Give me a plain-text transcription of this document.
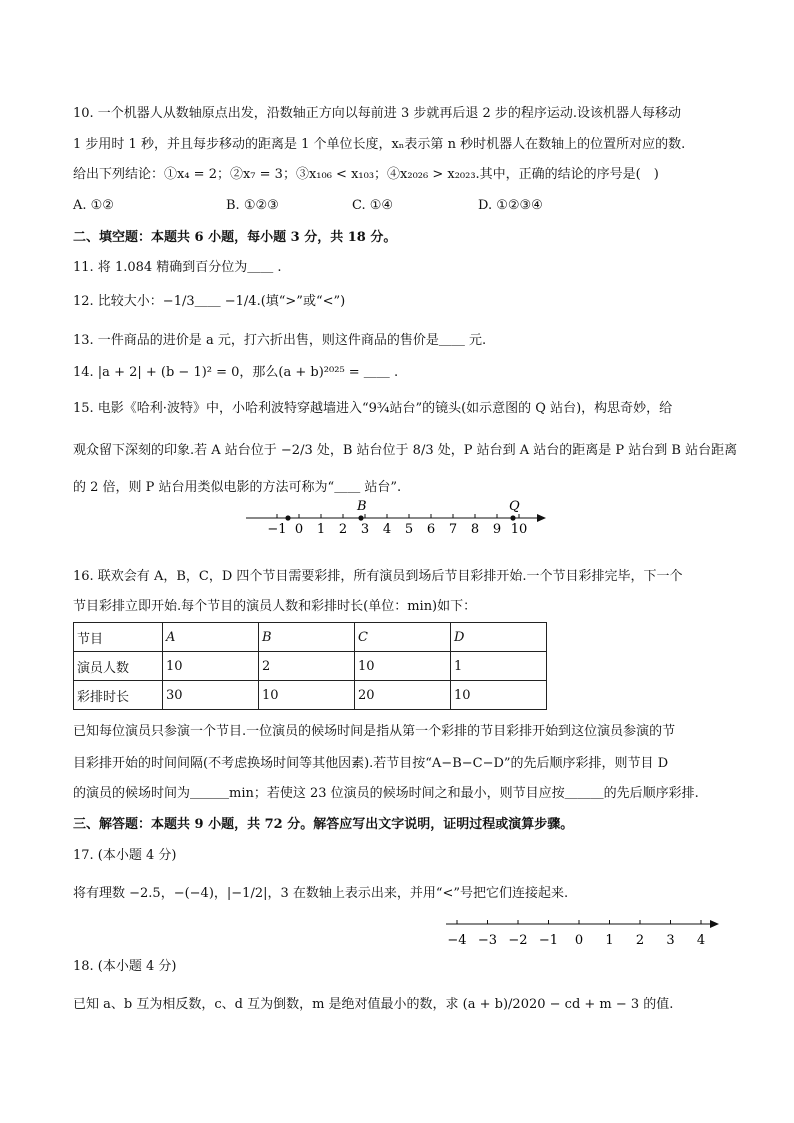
10. 一个机器人从数轴原点出发，沿数轴正方向以每前进 3 步就再后退 2 步的程序运动.设该机器人每移动
1 步用时 1 秒，并且每步移动的距离是 1 个单位长度，xₙ表示第 n 秒时机器人在数轴上的位置所对应的数.
给出下列结论：①x₄ = 2；②x₇ = 3；③x₁₀₆ < x₁₀₃；④x₂₀₂₆ > x₂₀₂₃.其中，正确的结论的序号是(　)
A. ①②	B. ①②③	C. ①④	D. ①②③④
二、填空题：本题共 6 小题，每小题 3 分，共 18 分。
11. 将 1.084 精确到百分位为＿＿ .
12. 比较大小：−1/3＿＿ −1/4.(填“>”或“<”)
13. 一件商品的进价是 a 元，打六折出售，则这件商品的售价是＿＿ 元.
14. |a + 2| + (b − 1)² = 0，那么(a + b)²⁰²⁵ = ＿＿ .
15. 电影《哈利·波特》中，小哈利波特穿越墙进入“9¾站台”的镜头(如示意图的 Q 站台)，构思奇妙，给
观众留下深刻的印象.若 A 站台位于 −2/3 处，B 站台位于 8/3 处，P 站台到 A 站台的距离是 P 站台到 B 站台距离
的 2 倍，则 P 站台用类似电影的方法可称为“＿＿ 站台”.
−1 0 1 2 3 4 5 6 7 8 9 10
B	Q
16. 联欢会有 A，B，C，D 四个节目需要彩排，所有演员到场后节目彩排开始.一个节目彩排完毕，下一个
节目彩排立即开始.每个节目的演员人数和彩排时长(单位：min)如下：
节目	A	B	C	D
演员人数	10	2	10	1
彩排时长	30	10	20	10
已知每位演员只参演一个节目.一位演员的候场时间是指从第一个彩排的节目彩排开始到这位演员参演的节
目彩排开始的时间间隔(不考虑换场时间等其他因素).若节目按“A−B−C−D”的先后顺序彩排，则节目 D
的演员的候场时间为＿＿＿min；若使这 23 位演员的候场时间之和最小，则节目应按＿＿＿的先后顺序彩排.
三、解答题：本题共 9 小题，共 72 分。解答应写出文字说明，证明过程或演算步骤。
17. (本小题 4 分)
将有理数 −2.5，−(−4)，|−1/2|，3 在数轴上表示出来，并用“<”号把它们连接起来.
−4 −3 −2 −1 0 1 2 3 4
18. (本小题 4 分)
已知 a、b 互为相反数，c、d 互为倒数，m 是绝对值最小的数，求 (a + b)/2020 − cd + m − 3 的值.
